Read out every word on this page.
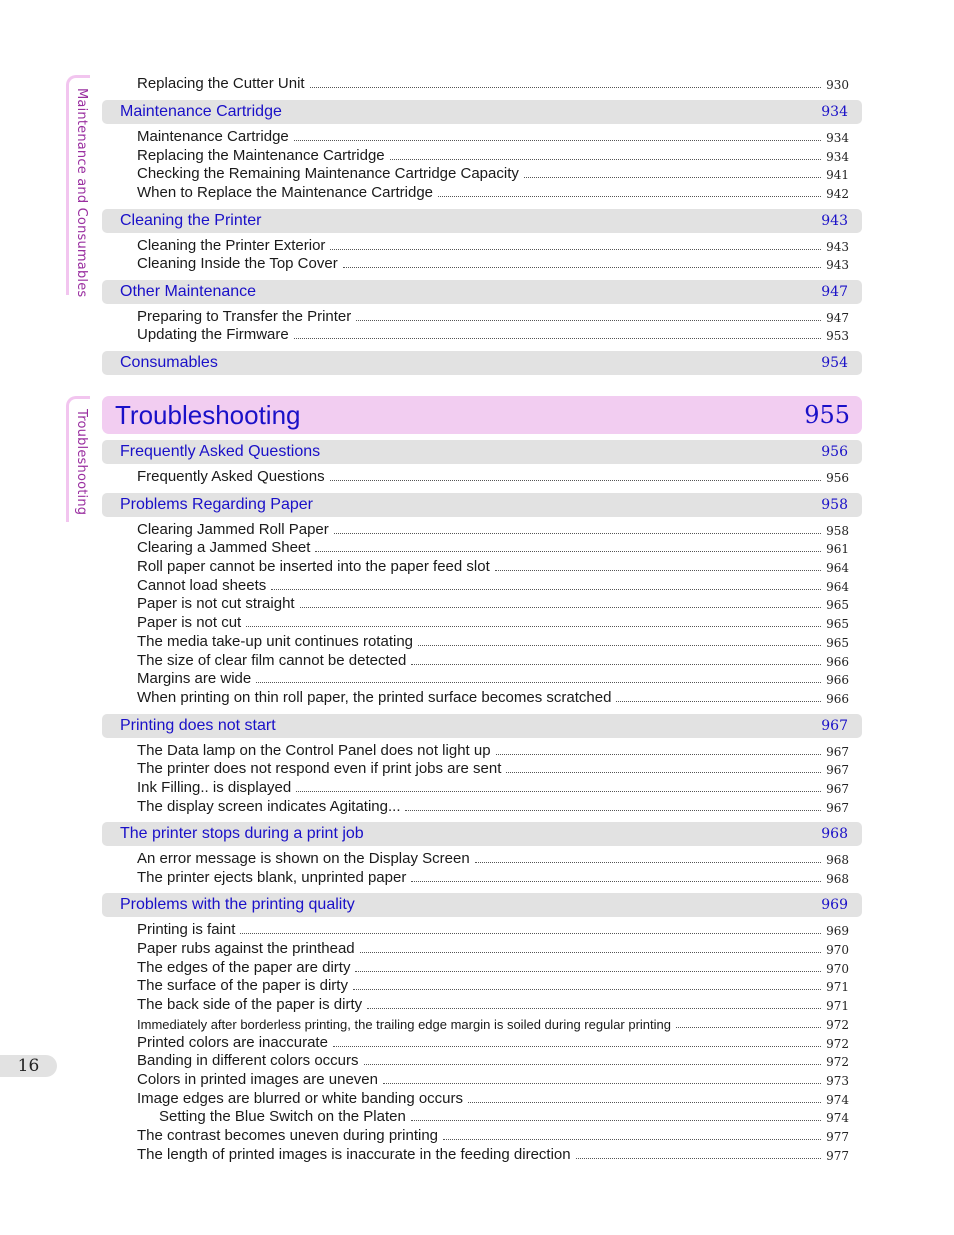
Maintenance and Consumables
Troubleshooting
Replacing the Cutter Unit	930
Maintenance Cartridge	934
Maintenance Cartridge	934
Replacing the Maintenance Cartridge	934
Checking the Remaining Maintenance Cartridge Capacity	941
When to Replace the Maintenance Cartridge	942
Cleaning the Printer	943
Cleaning the Printer Exterior	943
Cleaning Inside the Top Cover	943
Other Maintenance	947
Preparing to Transfer the Printer	947
Updating the Firmware	953
Consumables	954
Troubleshooting	955
Frequently Asked Questions	956
Frequently Asked Questions	956
Problems Regarding Paper	958
Clearing Jammed Roll Paper	958
Clearing a Jammed Sheet	961
Roll paper cannot be inserted into the paper feed slot	964
Cannot load sheets	964
Paper is not cut straight	965
Paper is not cut	965
The media take-up unit continues rotating	965
The size of clear film cannot be detected	966
Margins are wide	966
When printing on thin roll paper, the printed surface becomes scratched	966
Printing does not start	967
The Data lamp on the Control Panel does not light up	967
The printer does not respond even if print jobs are sent	967
Ink Filling.. is displayed	967
The display screen indicates Agitating...	967
The printer stops during a print job	968
An error message is shown on the Display Screen	968
The printer ejects blank, unprinted paper	968
Problems with the printing quality	969
Printing is faint	969
Paper rubs against the printhead	970
The edges of the paper are dirty	970
The surface of the paper is dirty	971
The back side of the paper is dirty	971
Immediately after borderless printing, the trailing edge margin is soiled during regular printing	972
Printed colors are inaccurate	972
Banding in different colors occurs	972
Colors in printed images are uneven	973
Image edges are blurred or white banding occurs	974
Setting the Blue Switch on the Platen	974
The contrast becomes uneven during printing	977
The length of printed images is inaccurate in the feeding direction	977
16
